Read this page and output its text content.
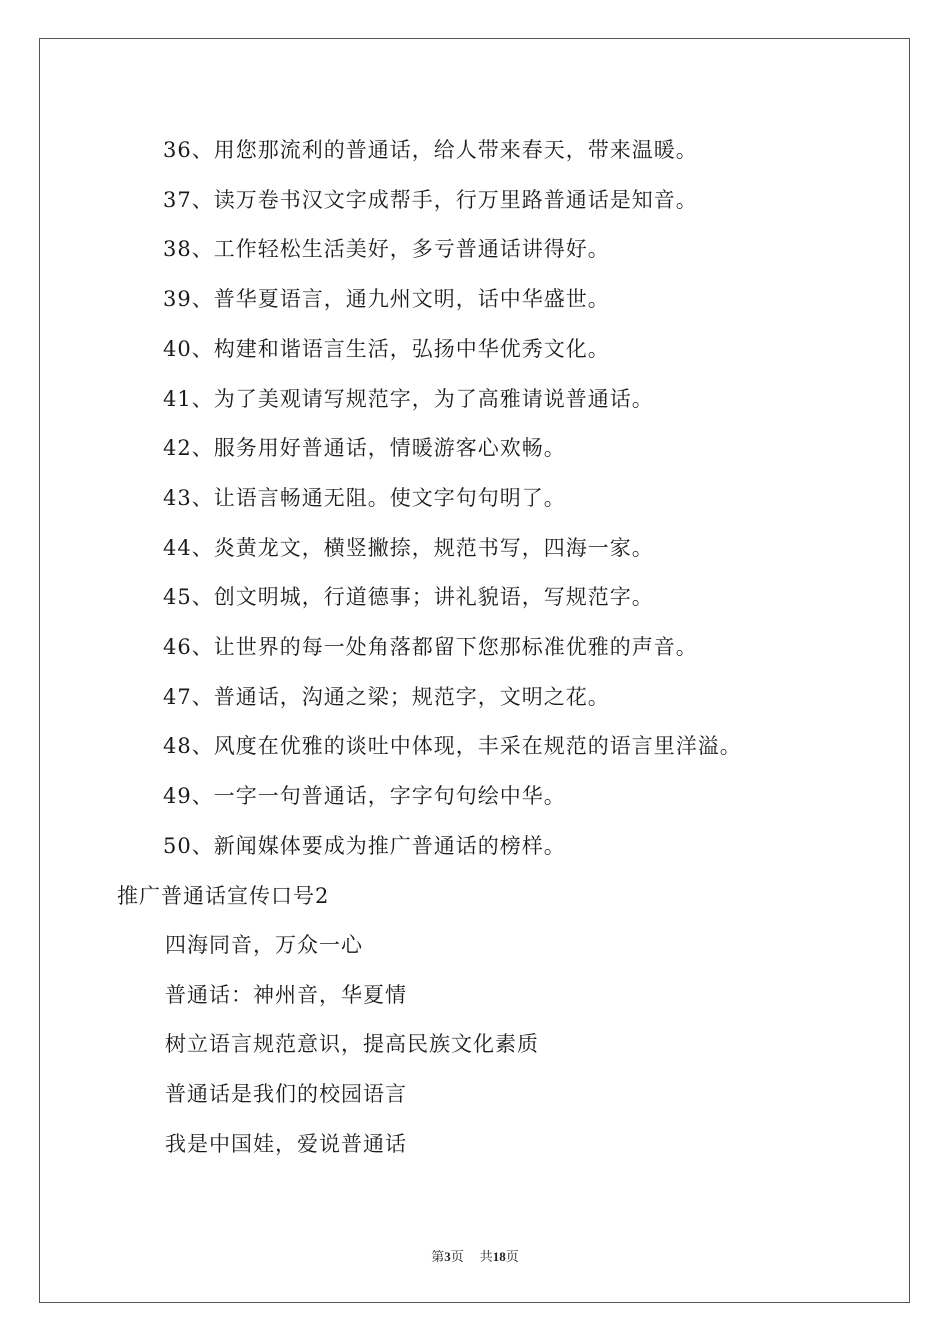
36、用您那流利的普通话，给人带来春天，带来温暖。
37、读万卷书汉文字成帮手，行万里路普通话是知音。
38、工作轻松生活美好，多亏普通话讲得好。
39、普华夏语言，通九州文明，话中华盛世。
40、构建和谐语言生活，弘扬中华优秀文化。
41、为了美观请写规范字，为了高雅请说普通话。
42、服务用好普通话，情暖游客心欢畅。
43、让语言畅通无阻。使文字句句明了。
44、炎黄龙文，横竖撇捺，规范书写，四海一家。
45、创文明城，行道德事；讲礼貌语，写规范字。
46、让世界的每一处角落都留下您那标准优雅的声音。
47、普通话，沟通之梁；规范字，文明之花。
48、风度在优雅的谈吐中体现，丰采在规范的语言里洋溢。
49、一字一句普通话，字字句句绘中华。
50、新闻媒体要成为推广普通话的榜样。
推广普通话宣传口号2
四海同音，万众一心
普通话：神州音，华夏情
树立语言规范意识，提高民族文化素质
普通话是我们的校园语言
我是中国娃，爱说普通话
第3页 共18页
